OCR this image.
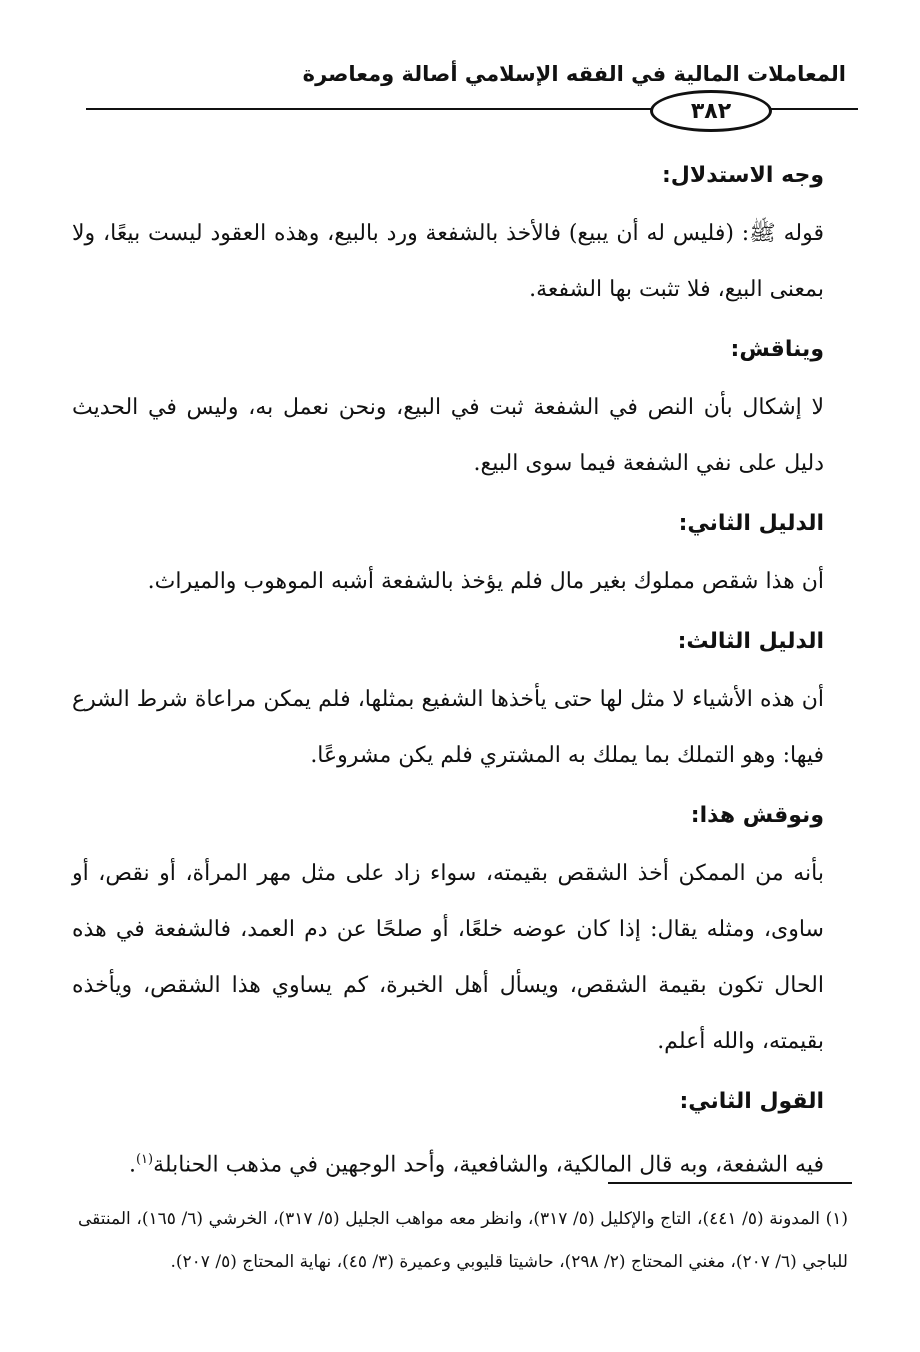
المعاملات المالية في الفقه الإسلامي أصالة ومعاصرة
٣٨٢

وجه الاستدلال:

قوله ﷺ: (فليس له أن يبيع) فالأخذ بالشفعة ورد بالبيع، وهذه العقود ليست بيعًا، ولا بمعنى البيع، فلا تثبت بها الشفعة.

ويناقش:

لا إشكال بأن النص في الشفعة ثبت في البيع، ونحن نعمل به، وليس في الحديث دليل على نفي الشفعة فيما سوى البيع.

الدليل الثاني:

أن هذا شقص مملوك بغير مال فلم يؤخذ بالشفعة أشبه الموهوب والميراث.

الدليل الثالث:

أن هذه الأشياء لا مثل لها حتى يأخذها الشفيع بمثلها، فلم يمكن مراعاة شرط الشرع فيها: وهو التملك بما يملك به المشتري فلم يكن مشروعًا.

ونوقش هذا:

بأنه من الممكن أخذ الشقص بقيمته، سواء زاد على مثل مهر المرأة، أو نقص، أو ساوى، ومثله يقال: إذا كان عوضه خلعًا، أو صلحًا عن دم العمد، فالشفعة في هذه الحال تكون بقيمة الشقص، ويسأل أهل الخبرة، كم يساوي هذا الشقص، ويأخذه بقيمته، والله أعلم.

القول الثاني:

فيه الشفعة، وبه قال المالكية، والشافعية، وأحد الوجهين في مذهب الحنابلة$^{(١)}$.

(١) المدونة (٥/ ٤٤١)، التاج والإكليل (٥/ ٣١٧)، وانظر معه مواهب الجليل (٥/ ٣١٧)، الخرشي (٦/ ١٦٥)، المنتقى للباجي (٦/ ٢٠٧)، مغني المحتاج (٢/ ٢٩٨)، حاشيتا قليوبي وعميرة (٣/ ٤٥)، نهاية المحتاج (٥/ ٢٠٧).
